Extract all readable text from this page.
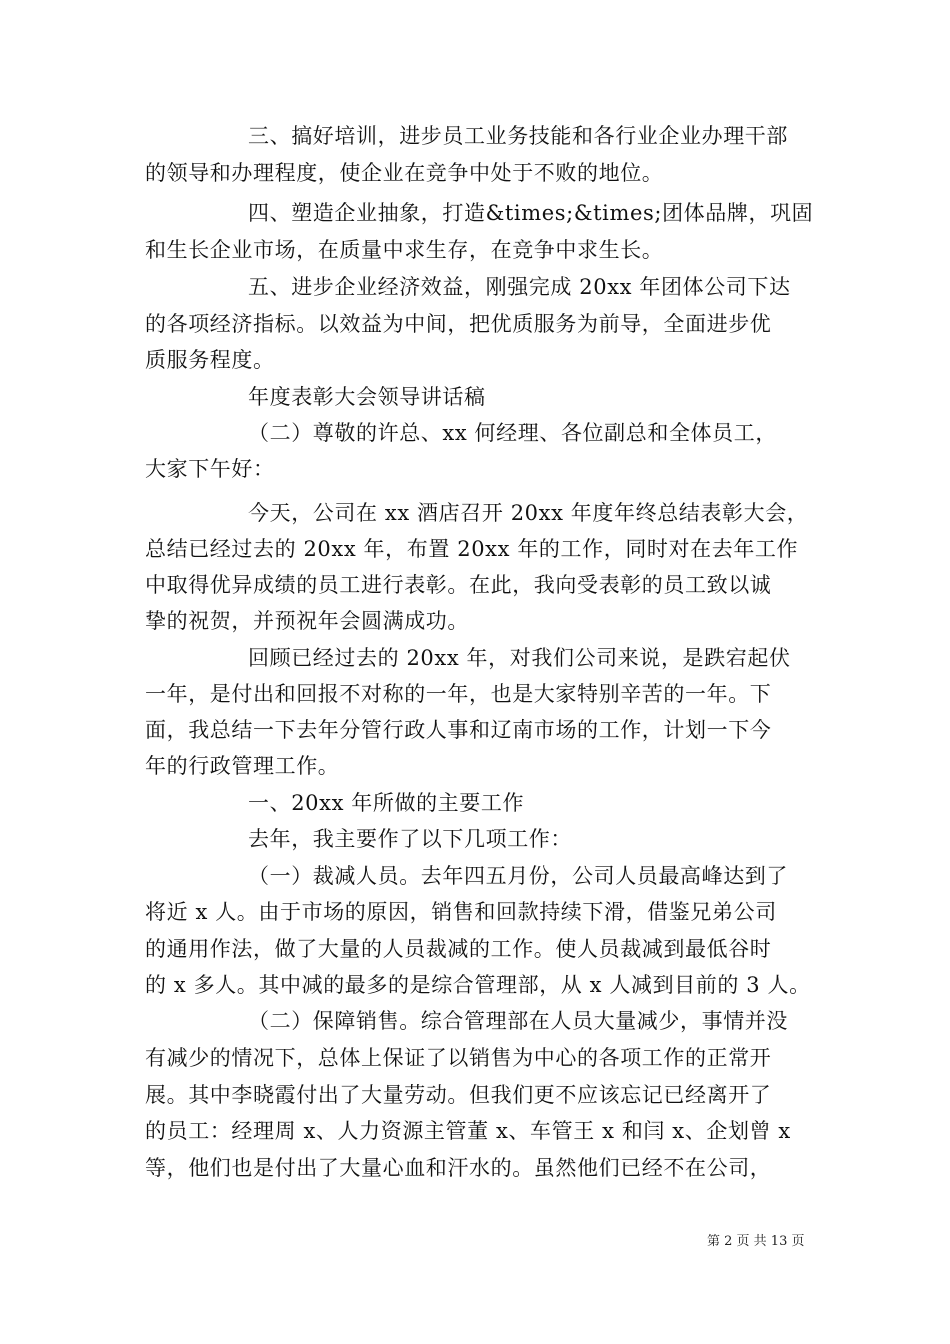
三、搞好培训，进步员工业务技能和各行业企业办理干部
的领导和办理程度，使企业在竞争中处于不败的地位。
四、塑造企业抽象，打造&times;&times;团体品牌，巩固
和生长企业市场，在质量中求生存，在竞争中求生长。
五、进步企业经济效益，刚强完成 20xx 年团体公司下达
的各项经济指标。以效益为中间，把优质服务为前导，全面进步优
质服务程度。
年度表彰大会领导讲话稿
（二）尊敬的许总、xx 何经理、各位副总和全体员工，
大家下午好：
今天，公司在 xx 酒店召开 20xx 年度年终总结表彰大会，
总结已经过去的 20xx 年，布置 20xx 年的工作，同时对在去年工作
中取得优异成绩的员工进行表彰。在此，我向受表彰的员工致以诚
挚的祝贺，并预祝年会圆满成功。
回顾已经过去的 20xx 年，对我们公司来说，是跌宕起伏
一年，是付出和回报不对称的一年，也是大家特别辛苦的一年。下
面，我总结一下去年分管行政人事和辽南市场的工作，计划一下今
年的行政管理工作。
一、20xx 年所做的主要工作
去年，我主要作了以下几项工作：
（一）裁减人员。去年四五月份，公司人员最高峰达到了
将近 x 人。由于市场的原因，销售和回款持续下滑，借鉴兄弟公司
的通用作法，做了大量的人员裁减的工作。使人员裁减到最低谷时
的 x 多人。其中减的最多的是综合管理部，从 x 人减到目前的 3 人。
（二）保障销售。综合管理部在人员大量减少，事情并没
有减少的情况下，总体上保证了以销售为中心的各项工作的正常开
展。其中李晓霞付出了大量劳动。但我们更不应该忘记已经离开了
的员工：经理周 x、人力资源主管董 x、车管王 x 和闫 x、企划曾 x
等，他们也是付出了大量心血和汗水的。虽然他们已经不在公司，
第 2 页 共 13 页
